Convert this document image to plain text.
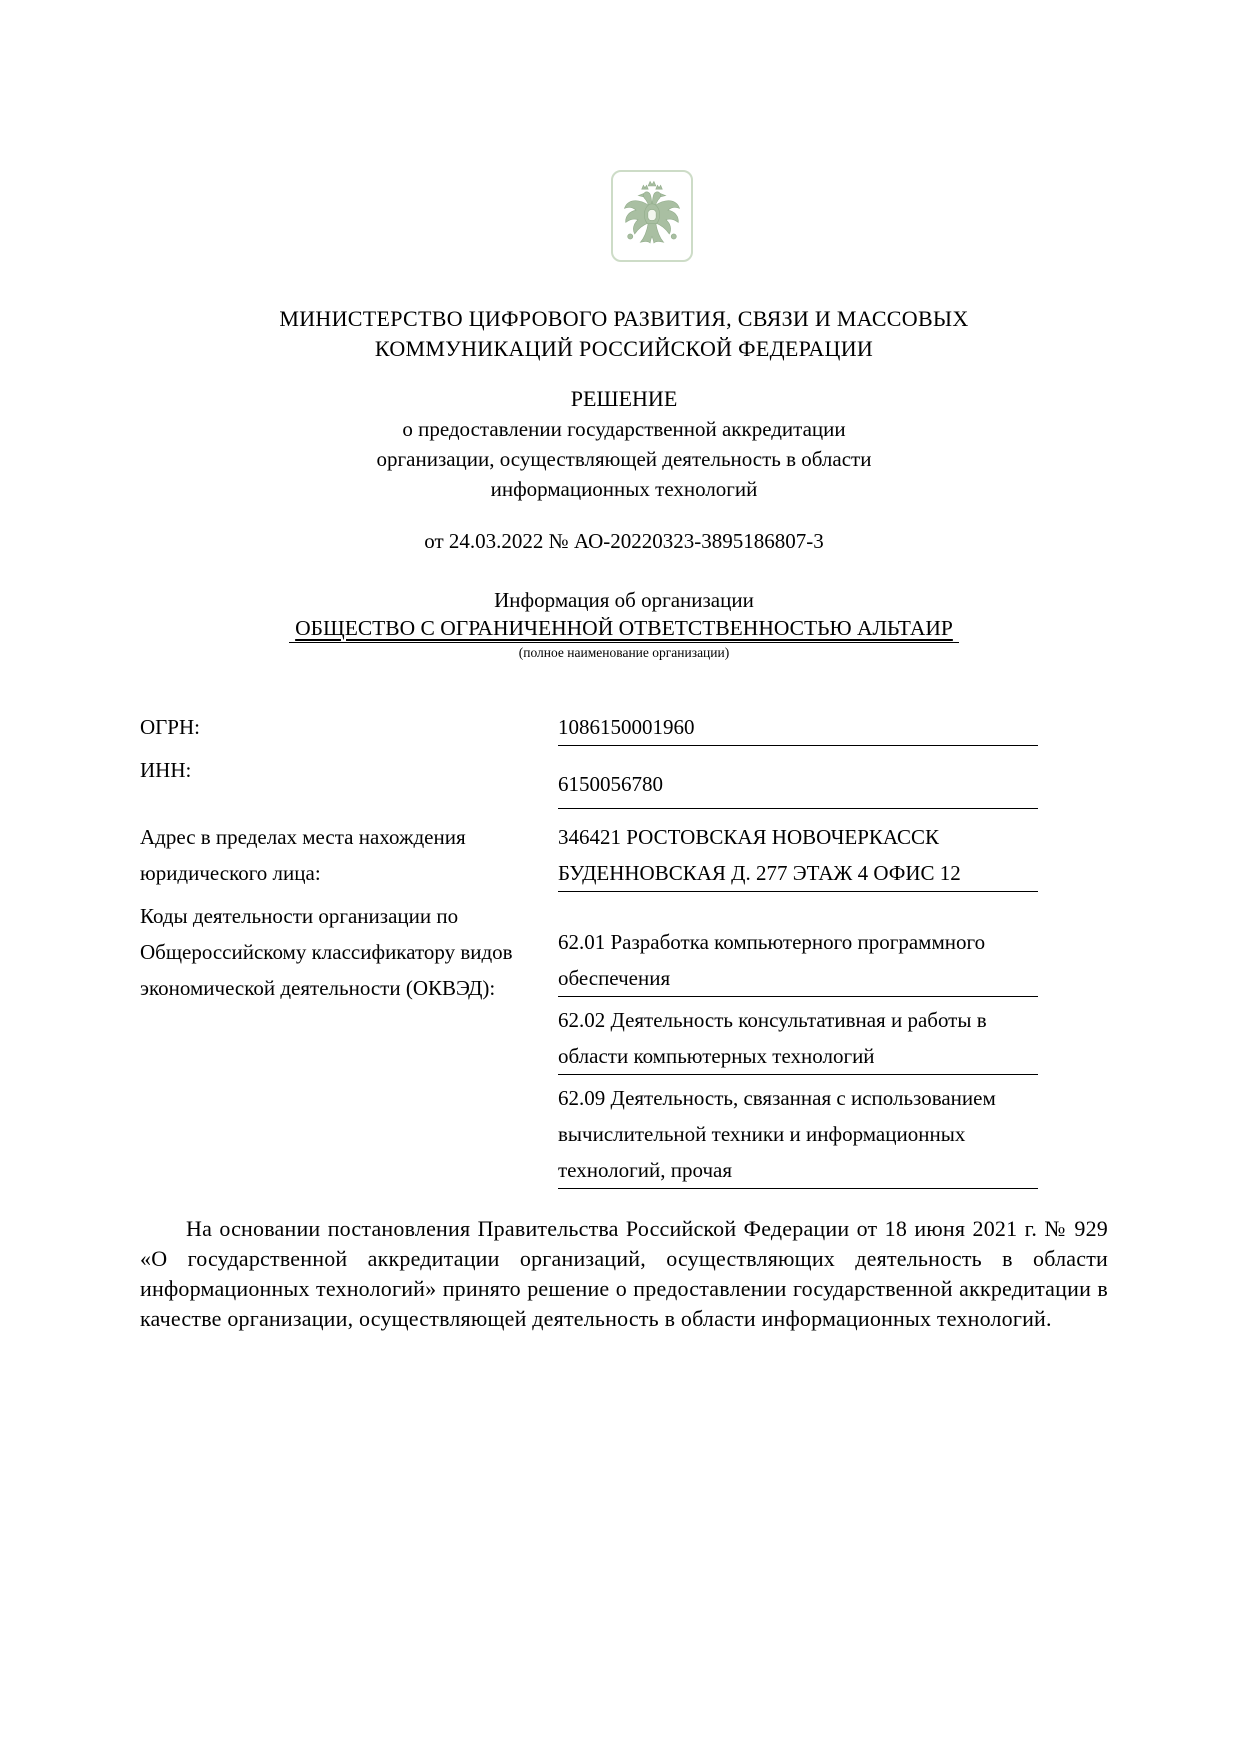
МИНИСТЕРСТВО ЦИФРОВОГО РАЗВИТИЯ, СВЯЗИ И МАССОВЫХ
КОММУНИКАЦИЙ РОССИЙСКОЙ ФЕДЕРАЦИИ
РЕШЕНИЕ
о предоставлении государственной аккредитации
организации, осуществляющей деятельность в области
информационных технологий
от 24.03.2022 № АО-20220323-3895186807-3
Информация об организации
ОБЩЕСТВО С ОГРАНИЧЕННОЙ ОТВЕТСТВЕННОСТЬЮ АЛЬТАИР
(полное наименование организации)
ОГРН:	1086150001960
ИНН:
6150056780
Адрес в пределах места нахождения
юридического лица:
346421 РОСТОВСКАЯ НОВОЧЕРКАССК
БУДЕННОВСКАЯ Д. 277 ЭТАЖ 4 ОФИС 12
Коды деятельности организации по
Общероссийскому классификатору видов
экономической деятельности (ОКВЭД):
62.01 Разработка компьютерного программного
обеспечения
62.02 Деятельность консультативная и работы в
области компьютерных технологий
62.09 Деятельность, связанная с использованием
вычислительной техники и информационных
технологий, прочая
На основании постановления Правительства Российской Федерации от 18 июня 2021 г. № 929 «О государственной аккредитации организаций, осуществляющих деятельность в области информационных технологий» принято решение о предоставлении государственной аккредитации в качестве организации, осуществляющей деятельность в области информационных технологий.
